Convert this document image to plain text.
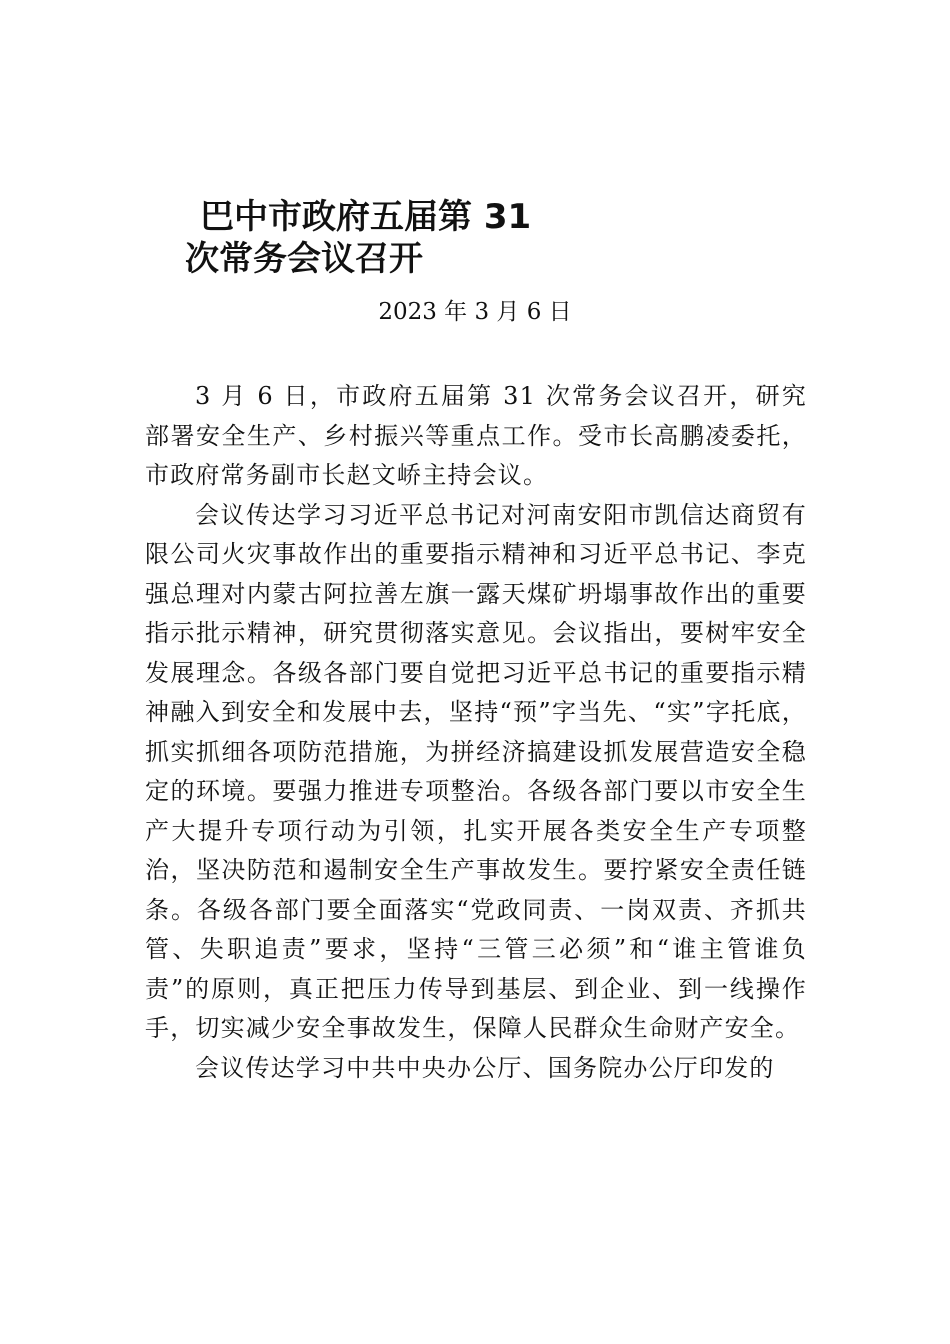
巴中市政府五届第 31
次常务会议召开
2023 年 3 月 6 日

3 月 6 日，市政府五届第 31 次常务会议召开，研究部署安全生产、乡村振兴等重点工作。受市长高鹏凌委托，市政府常务副市长赵文峤主持会议。

会议传达学习习近平总书记对河南安阳市凯信达商贸有限公司火灾事故作出的重要指示精神和习近平总书记、李克强总理对内蒙古阿拉善左旗一露天煤矿坍塌事故作出的重要指示批示精神，研究贯彻落实意见。会议指出，要树牢安全发展理念。各级各部门要自觉把习近平总书记的重要指示精神融入到安全和发展中去，坚持“预”字当先、“实”字托底，抓实抓细各项防范措施，为拼经济搞建设抓发展营造安全稳定的环境。要强力推进专项整治。各级各部门要以市安全生产大提升专项行动为引领，扎实开展各类安全生产专项整治，坚决防范和遏制安全生产事故发生。要拧紧安全责任链条。各级各部门要全面落实“党政同责、一岗双责、齐抓共管、失职追责”要求，坚持“三管三必须”和“谁主管谁负责”的原则，真正把压力传导到基层、到企业、到一线操作手，切实减少安全事故发生，保障人民群众生命财产安全。

会议传达学习中共中央办公厅、国务院办公厅印发的
